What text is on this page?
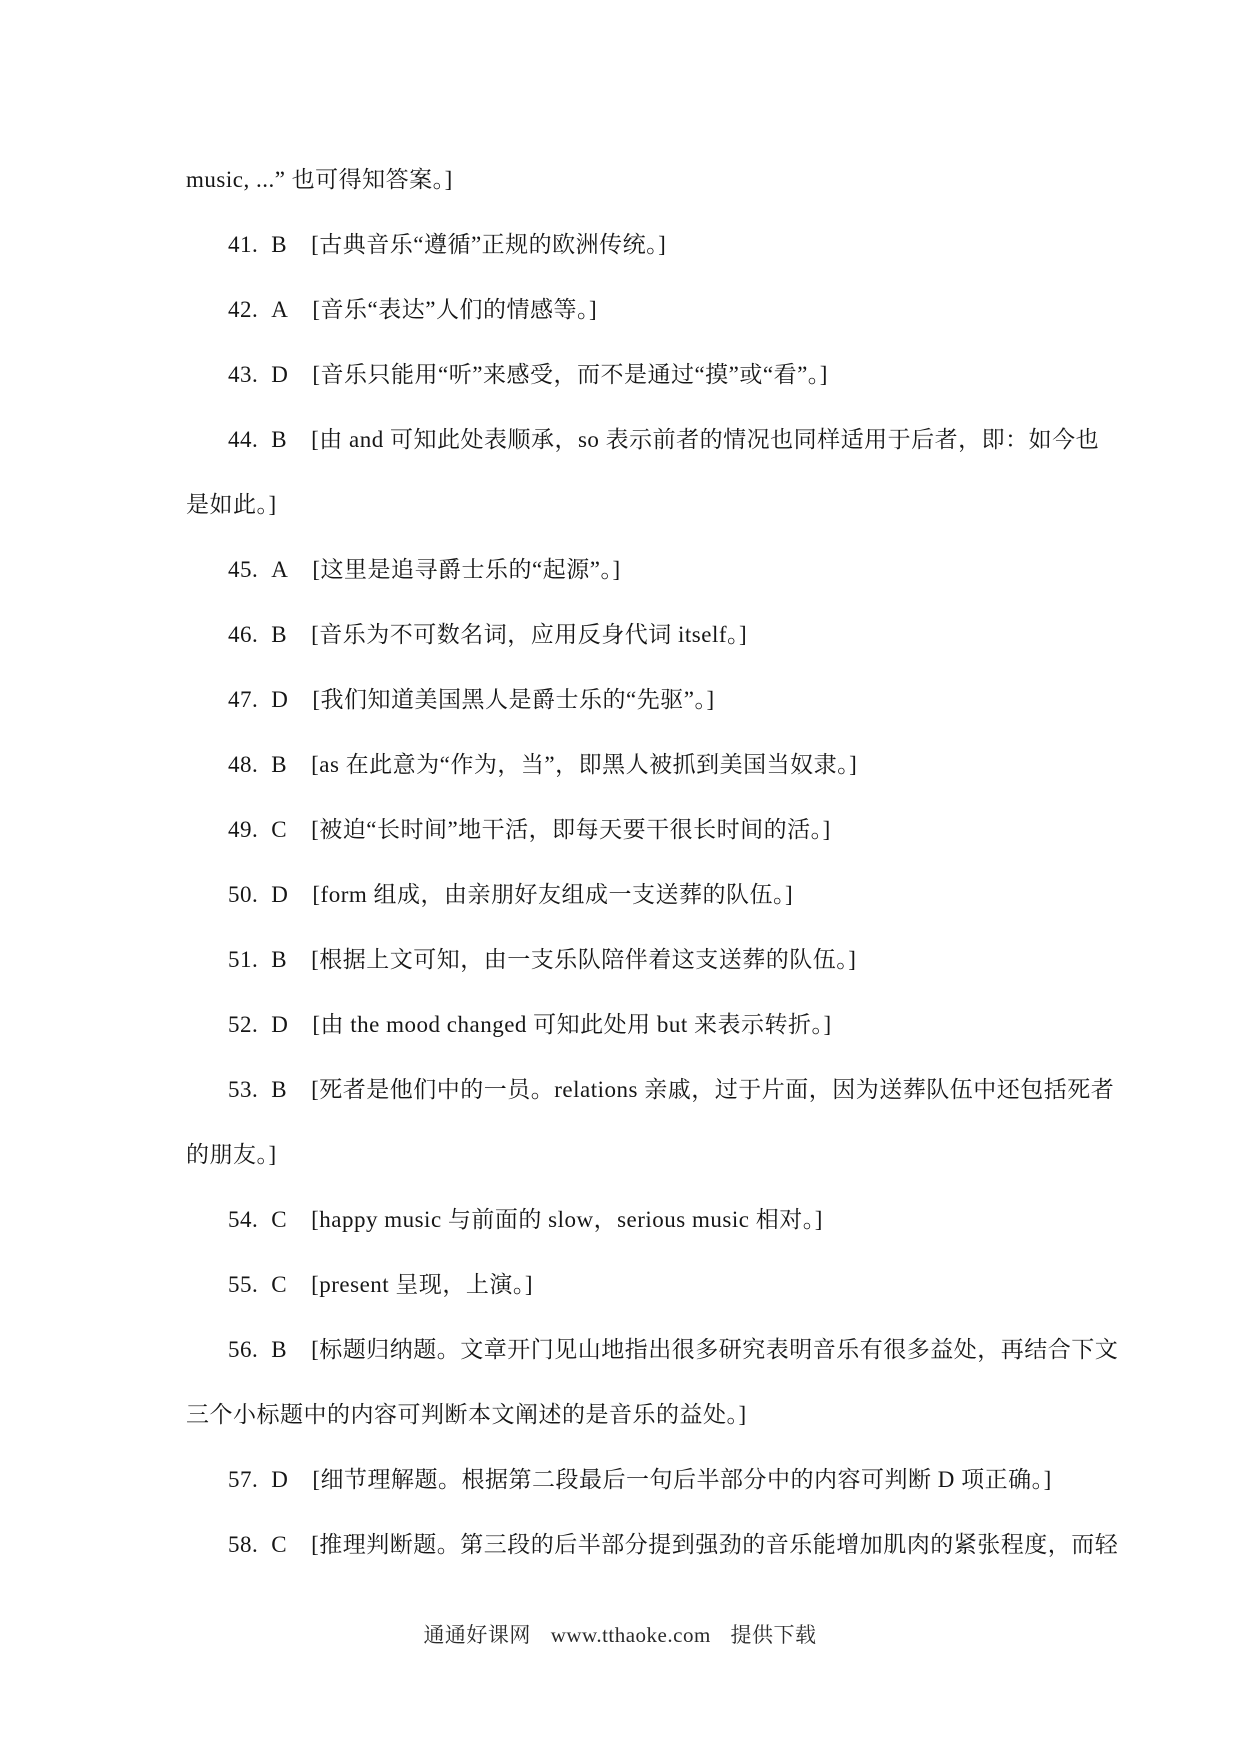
music, ...” 也可得知答案。]
41. B [古典音乐“遵循”正规的欧洲传统。]
42. A [音乐“表达”人们的情感等。]
43. D [音乐只能用“听”来感受，而不是通过“摸”或“看”。]
44. B [由 and 可知此处表顺承，so 表示前者的情况也同样适用于后者，即：如今也
是如此。]
45. A [这里是追寻爵士乐的“起源”。]
46. B [音乐为不可数名词，应用反身代词 itself。]
47. D [我们知道美国黑人是爵士乐的“先驱”。]
48. B [as 在此意为“作为，当”，即黑人被抓到美国当奴隶。]
49. C [被迫“长时间”地干活，即每天要干很长时间的活。]
50. D [form 组成，由亲朋好友组成一支送葬的队伍。]
51. B [根据上文可知，由一支乐队陪伴着这支送葬的队伍。]
52. D [由 the mood changed 可知此处用 but 来表示转折。]
53. B [死者是他们中的一员。relations 亲戚，过于片面，因为送葬队伍中还包括死者
的朋友。]
54. C [happy music 与前面的 slow，serious music 相对。]
55. C [present 呈现，上演。]
56. B [标题归纳题。文章开门见山地指出很多研究表明音乐有很多益处，再结合下文
三个小标题中的内容可判断本文阐述的是音乐的益处。]
57. D [细节理解题。根据第二段最后一句后半部分中的内容可判断 D 项正确。]
58. C [推理判断题。第三段的后半部分提到强劲的音乐能增加肌肉的紧张程度，而轻
通通好课网 www.tthaoke.com 提供下载
